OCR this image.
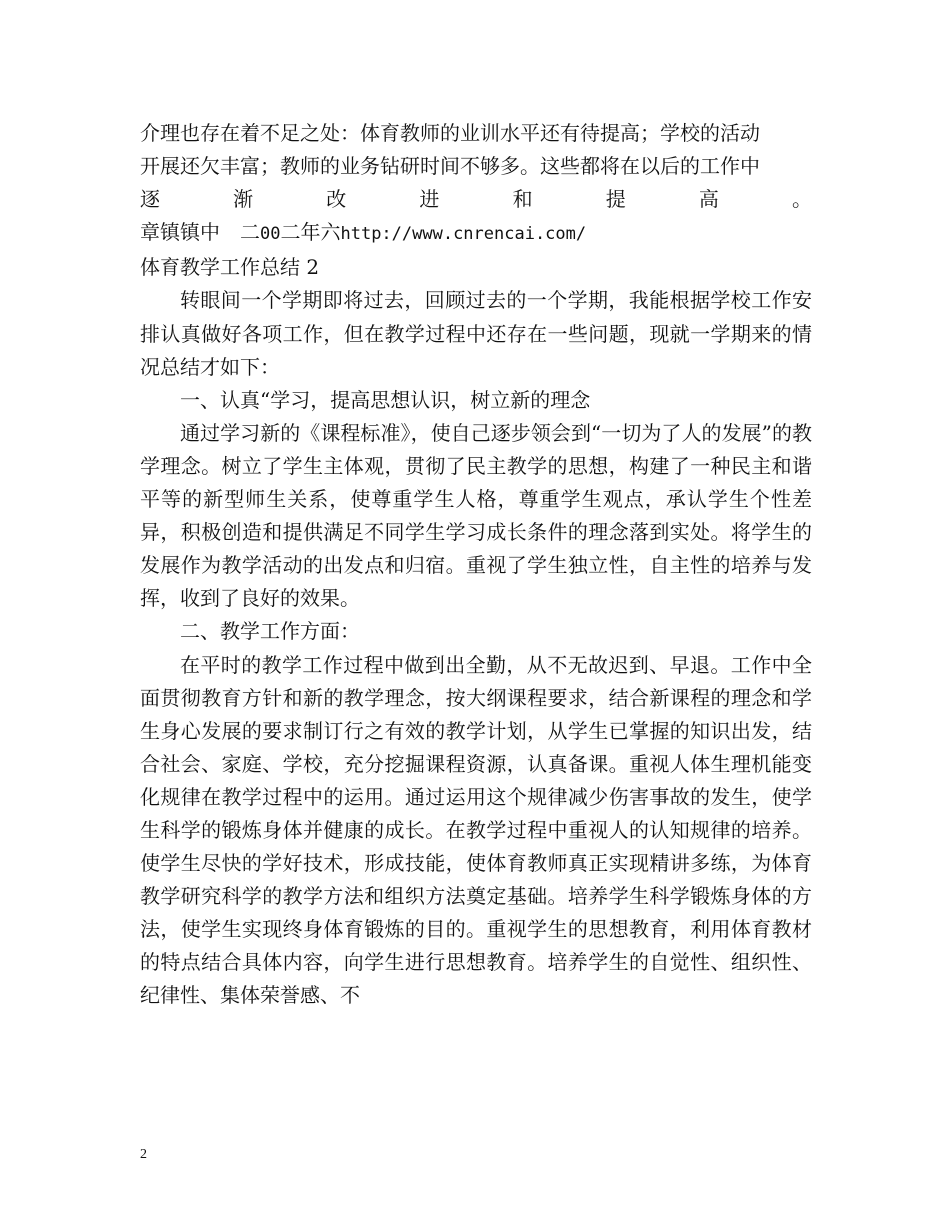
介理也存在着不足之处：体育教师的业训水平还有待提高；学校的活动

开展还欠丰富；教师的业务钻研时间不够多。这些都将在以后的工作中

逐	渐	改	进	和	提	高	。

章镇镇中　二00二年六http://www.cnrencai.com/

体育教学工作总结 2

转眼间一个学期即将过去，回顾过去的一个学期，我能根据学校工作安排认真做好各项工作，但在教学过程中还存在一些问题，现就一学期来的情况总结才如下：

一、认真“学习，提高思想认识，树立新的理念

通过学习新的《课程标准》，使自己逐步领会到“一切为了人的发展”的教学理念。树立了学生主体观，贯彻了民主教学的思想，构建了一种民主和谐平等的新型师生关系，使尊重学生人格，尊重学生观点，承认学生个性差异，积极创造和提供满足不同学生学习成长条件的理念落到实处。将学生的发展作为教学活动的出发点和归宿。重视了学生独立性，自主性的培养与发挥，收到了良好的效果。

二、教学工作方面：

在平时的教学工作过程中做到出全勤，从不无故迟到、早退。工作中全面贯彻教育方针和新的教学理念，按大纲课程要求，结合新课程的理念和学生身心发展的要求制订行之有效的教学计划，从学生已掌握的知识出发，结合社会、家庭、学校，充分挖掘课程资源，认真备课。重视人体生理机能变化规律在教学过程中的运用。通过运用这个规律减少伤害事故的发生，使学生科学的锻炼身体并健康的成长。在教学过程中重视人的认知规律的培养。使学生尽快的学好技术，形成技能，使体育教师真正实现精讲多练，为体育教学研究科学的教学方法和组织方法奠定基础。培养学生科学锻炼身体的方法，使学生实现终身体育锻炼的目的。重视学生的思想教育，利用体育教材的特点结合具体内容，向学生进行思想教育。培养学生的自觉性、组织性、纪律性、集体荣誉感、不

2
